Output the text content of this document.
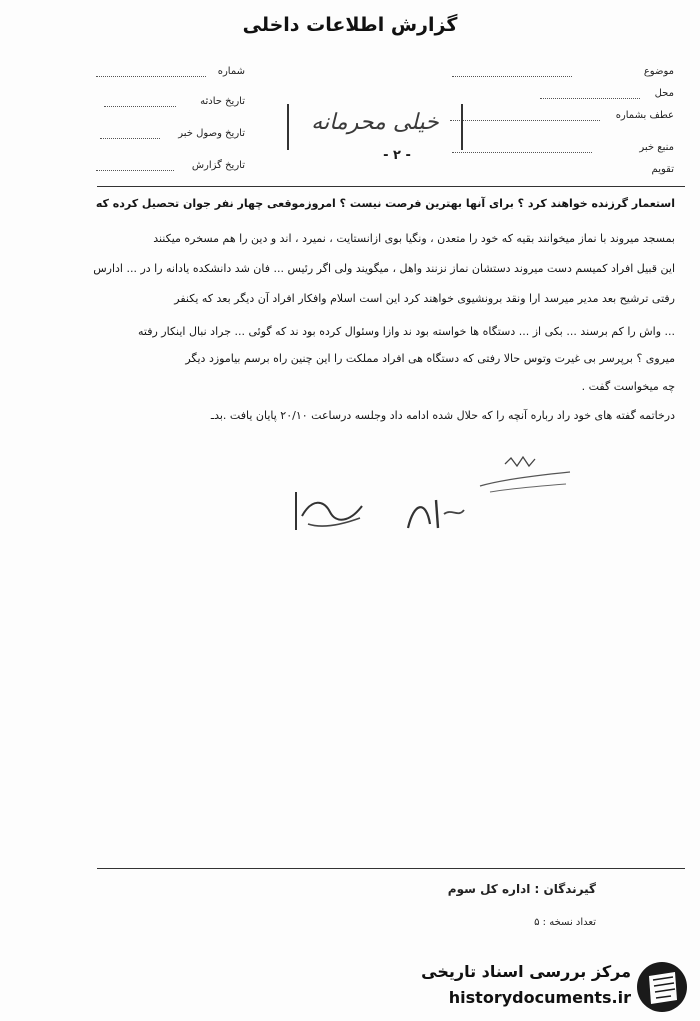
گزارش اطلاعات داخلی
موضوع
محل
عطف بشماره
منبع خبر
تقویم
شماره
تاریخ حادثه
تاریخ وصول خبر
تاریخ گزارش
خیلی محرمانه
- ۲ -
استعمار گرزنده خواهند کرد ؟ برای آنها بهترین فرصت نیست ؟ امروزموقعی چهار نفر جوان تحصیل کرده که
بمسجد میروند با نماز میخوانند بقیه که خود را متعدن ، ونگیا بوی ازانستایت ، نمیرد ، اند و دین را هم مسخره میکنند
این قبیل افراد کمیسم دست میروند دستشان نماز نزنند واهل ، میگویند ولی اگر رئیس ... فان شد دانشکده یادانه را در ... ادارس
رفتی ترشیح بعد مدیر میرسد ارا ونقد برونشیوی خواهند کرد این است اسلام وافکار افراد آن دیگر بعد که یکنفر
... واش را کم برسند ... بکی از ... دستگاه ها خواسته بود ند وازا وسئوال کرده بود ند که گوئی ... جراد نبال اینکار رفته
میروی ؟ برپرسر بی غیرت وتوس حالا رفتی که دستگاه هی افراد مملکت را این چنین راه برسم بیاموزد دیگر
چه میخواست گفت .
درخاتمه گفته های خود راد رباره آنچه را که حلال شده ادامه داد وجلسه درساعت ۲۰/۱۰ پایان یافت .بدـ
گیرندگان : اداره کل سوم
تعداد نسخه : ۵
مرکز بررسی اسناد تاریخی
historydocuments.ir
